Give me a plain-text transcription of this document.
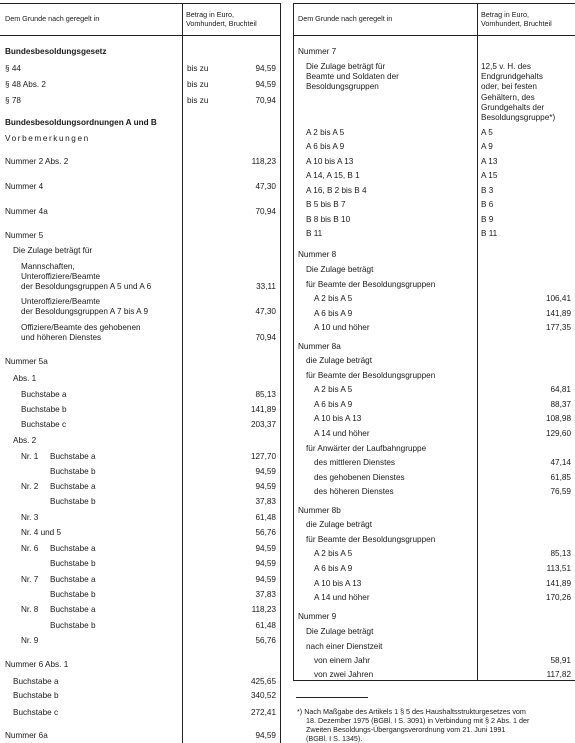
Dem Grunde nach geregelt in	Betrag in Euro,
Vomhundert, Bruchteil
Bundesbesoldungsgesetz
§ 44	bis zu	94,59
§ 48 Abs. 2	bis zu	94,59
§ 78	bis zu	70,94
Bundesbesoldungsordnungen A und B
Vorbemerkungen
Nummer 2 Abs. 2	118,23
Nummer 4	47,30
Nummer 4a	70,94
Nummer 5
Die Zulage beträgt für
Mannschaften,
Unteroffiziere/Beamte
der Besoldungsgruppen A 5 und A 6	33,11
Unteroffiziere/Beamte
der Besoldungsgruppen A 7 bis A 9	47,30
Offiziere/Beamte des gehobenen
und höheren Dienstes	70,94
Nummer 5a
Abs. 1
Buchstabe a	85,13
Buchstabe b	141,89
Buchstabe c	203,37
Abs. 2
Nr. 1 Buchstabe a	127,70
Buchstabe b	94,59
Nr. 2 Buchstabe a	94,59
Buchstabe b	37,83
Nr. 3	61,48
Nr. 4 und 5	56,76
Nr. 6 Buchstabe a	94,59
Buchstabe b	94,59
Nr. 7 Buchstabe a	94,59
Buchstabe b	37,83
Nr. 8 Buchstabe a	118,23
Buchstabe b	61,48
Nr. 9	56,76
Nummer 6 Abs. 1
Buchstabe a	425,65
Buchstabe b	340,52
Buchstabe c	272,41
Nummer 6a	94,59
Dem Grunde nach geregelt in	Betrag in Euro,
Vomhundert, Bruchteil
Nummer 7
Die Zulage beträgt für	12,5 v. H. des
Beamte und Soldaten der	Endgrundgehalts
Besoldungsgruppen	oder, bei festen
Gehältern, des
Grundgehalts der
Besoldungsgruppe*)
A 2 bis A 5	A 5
A 6 bis A 9	A 9
A 10 bis A 13	A 13
A 14, A 15, B 1	A 15
A 16, B 2 bis B 4	B 3
B 5 bis B 7	B 6
B 8 bis B 10	B 9
B 11	B 11
Nummer 8
Die Zulage beträgt
für Beamte der Besoldungsgruppen
A 2 bis A 5	106,41
A 6 bis A 9	141,89
A 10 und höher	177,35
Nummer 8a
die Zulage beträgt
für Beamte der Besoldungsgruppen
A 2 bis A 5	64,81
A 6 bis A 9	88,37
A 10 bis A 13	108,98
A 14 und höher	129,60
für Anwärter der Laufbahngruppe
des mittleren Dienstes	47,14
des gehobenen Dienstes	61,85
des höheren Dienstes	76,59
Nummer 8b
die Zulage beträgt
für Beamte der Besoldungsgruppen
A 2 bis A 5	85,13
A 6 bis A 9	113,51
A 10 bis A 13	141,89
A 14 und höher	170,26
Nummer 9
Die Zulage beträgt
nach einer Dienstzeit
von einem Jahr	58,91
von zwei Jahren	117,82
*) Nach Maßgabe des Artikels 1 § 5 des Haushaltsstrukturgesetzes vom
18. Dezember 1975 (BGBl. I S. 3091) in Verbindung mit § 2 Abs. 1 der
Zweiten Besoldungs-Übergangsverordnung vom 21. Juni 1991
(BGBl. I S. 1345).
